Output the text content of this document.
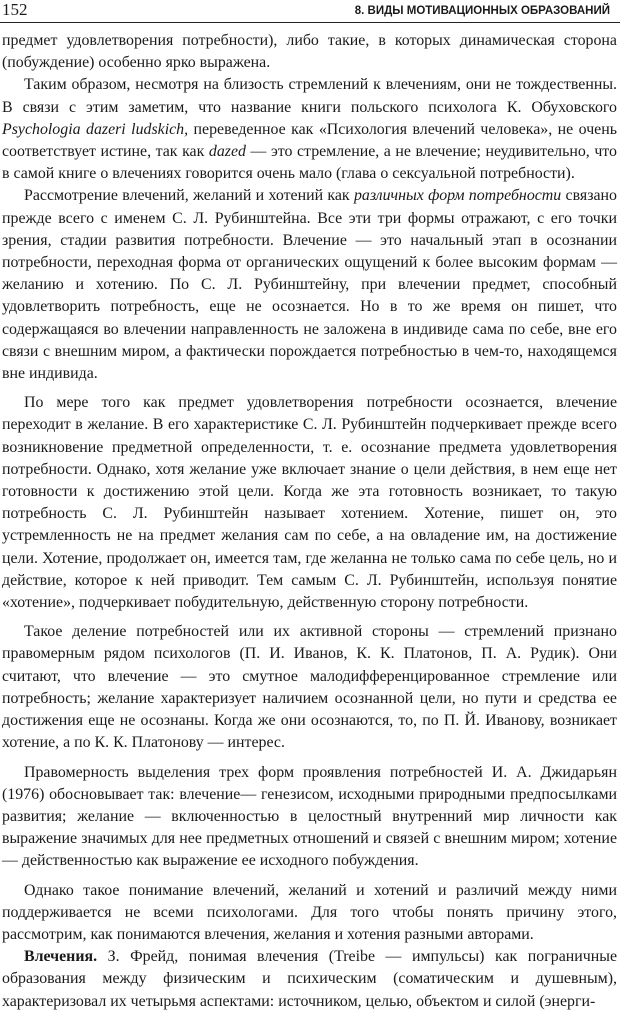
152	8. ВИДЫ МОТИВАЦИОННЫХ ОБРАЗОВАНИЙ

предмет удовлетворения потребности), либо такие, в которых динамическая сторона (побуждение) особенно ярко выражена.

Таким образом, несмотря на близость стремлений к влечениям, они не тождественны. В связи с этим заметим, что название книги польского психолога К. Обуховского Psychologia dazeri ludskich, переведенное как «Психология влечений человека», не очень соответствует истине, так как dazed — это стремление, а не влечение; неудивительно, что в самой книге о влечениях говорится очень мало (глава о сексуальной потребности).

Рассмотрение влечений, желаний и хотений как различных форм потребности связано прежде всего с именем С. Л. Рубинштейна. Все эти три формы отражают, с его точки зрения, стадии развития потребности. Влечение — это начальный этап в осознании потребности, переходная форма от органических ощущений к более высоким формам — желанию и хотению. По С. Л. Рубинштейну, при влечении предмет, способный удовлетворить потребность, еще не осознается. Но в то же время он пишет, что содержащаяся во влечении направленность не заложена в индивиде сама по себе, вне его связи с внешним миром, а фактически порождается потребностью в чем-то, находящемся вне индивида.

По мере того как предмет удовлетворения потребности осознается, влечение переходит в желание. В его характеристике С. Л. Рубинштейн подчеркивает прежде всего возникновение предметной определенности, т. е. осознание предмета удовлетворения потребности. Однако, хотя желание уже включает знание о цели действия, в нем еще нет готовности к достижению этой цели. Когда же эта готовность возникает, то такую потребность С. Л. Рубинштейн называет хотением. Хотение, пишет он, это устремленность не на предмет желания сам по себе, а на овладение им, на достижение цели. Хотение, продолжает он, имеется там, где желанна не только сама по себе цель, но и действие, которое к ней приводит. Тем самым С. Л. Рубинштейн, используя понятие «хотение», подчеркивает побудительную, действенную сторону потребности.

Такое деление потребностей или их активной стороны — стремлений признано правомерным рядом психологов (П. И. Иванов, К. К. Платонов, П. А. Рудик). Они считают, что влечение — это смутное малодифференцированное стремление или потребность; желание характеризует наличием осознанной цели, но пути и средства ее достижения еще не осознаны. Когда же они осознаются, то, по П. Й. Иванову, возникает хотение, а по К. К. Платонову — интерес.

Правомерность выделения трех форм проявления потребностей И. А. Джидарьян (1976) обосновывает так: влечение— генезисом, исходными природными предпосылками развития; желание — включенностью в целостный внутренний мир личности как выражение значимых для нее предметных отношений и связей с внешним миром; хотение — действенностью как выражение ее исходного побуждения.

Однако такое понимание влечений, желаний и хотений и различий между ними поддерживается не всеми психологами. Для того чтобы понять причину этого, рассмотрим, как понимаются влечения, желания и хотения разными авторами.

Влечения. З. Фрейд, понимая влечения (Treibe — импульсы) как пограничные образования между физическим и психическим (соматическим и душевным), характеризовал их четырьмя аспектами: источником, целью, объектом и силой (энерги-
